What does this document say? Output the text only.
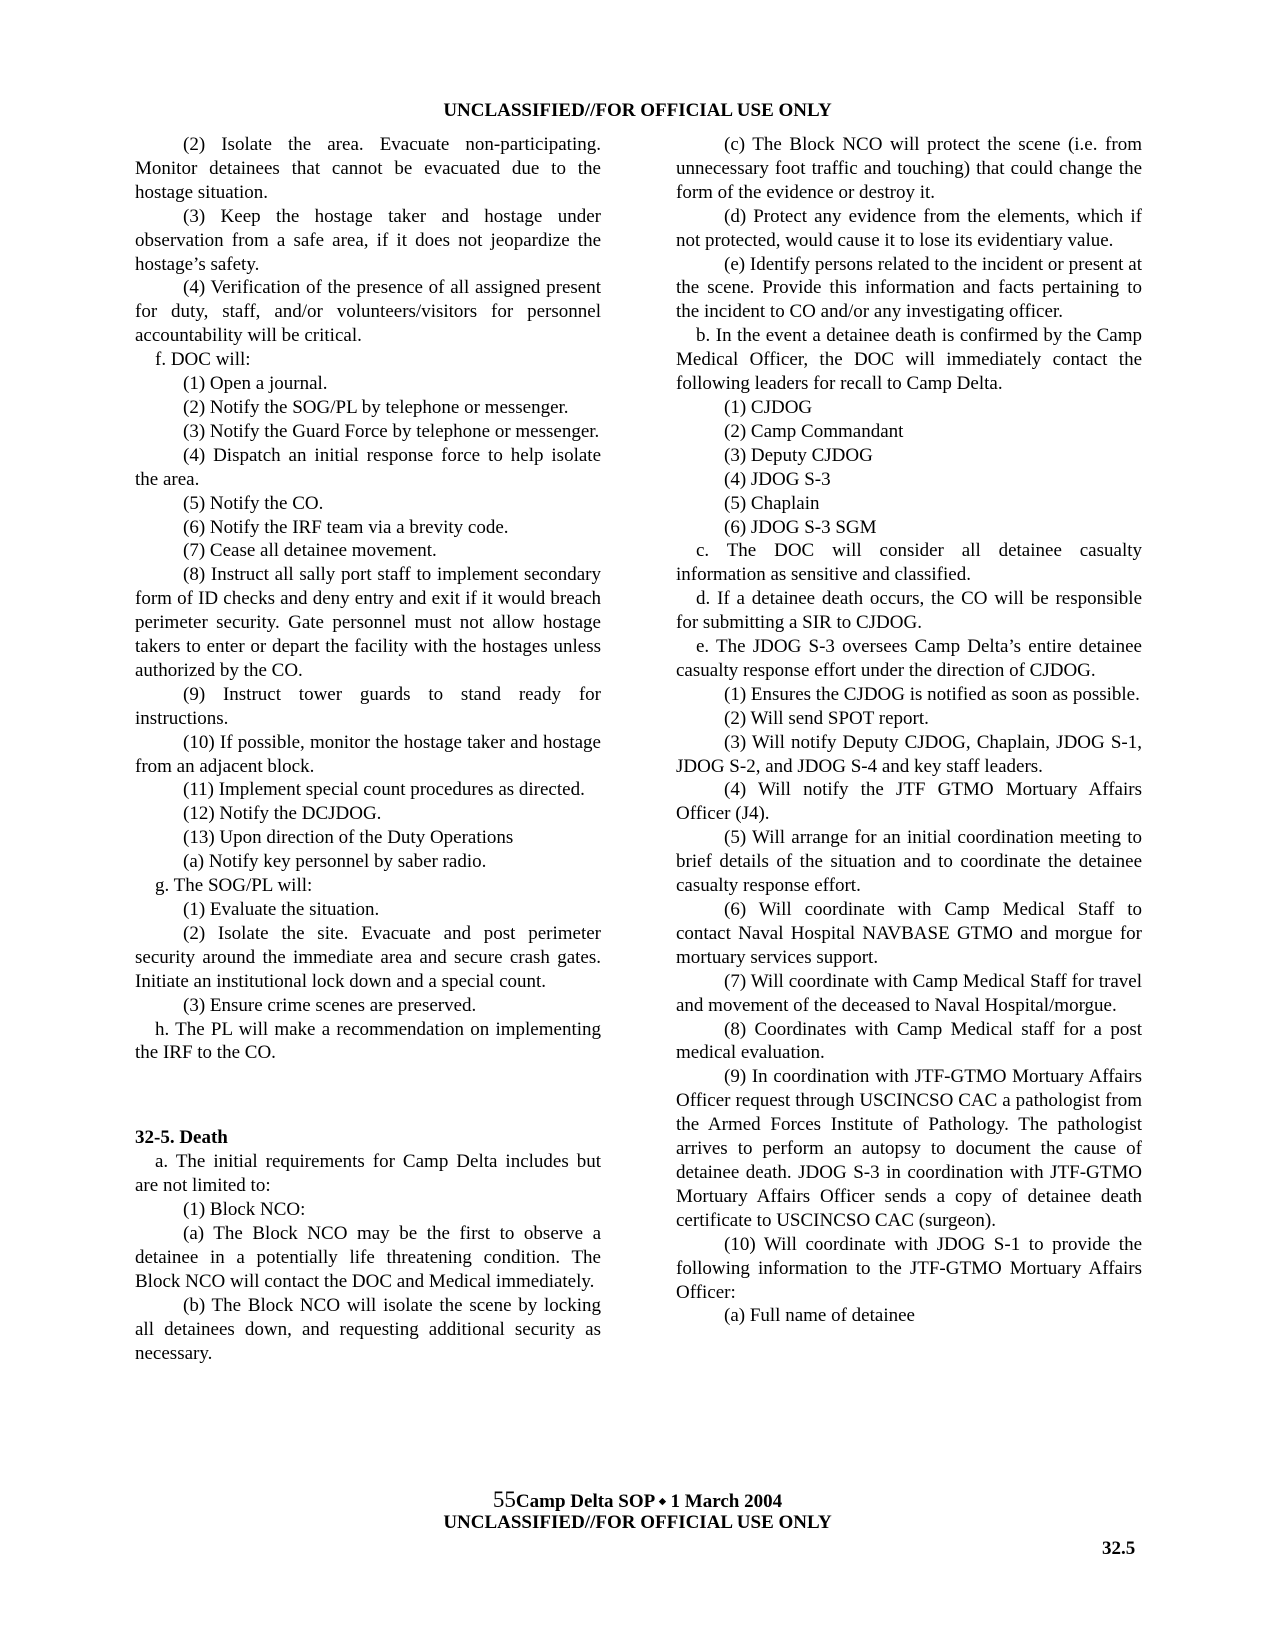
UNCLASSIFIED//FOR OFFICIAL USE ONLY

(2) Isolate the area. Evacuate non-participating. Monitor detainees that cannot be evacuated due to the hostage situation.

(3) Keep the hostage taker and hostage under observation from a safe area, if it does not jeopardize the hostage’s safety.

(4) Verification of the presence of all assigned present for duty, staff, and/or volunteers/visitors for personnel accountability will be critical.

f. DOC will:

(1) Open a journal.

(2) Notify the SOG/PL by telephone or messenger.

(3) Notify the Guard Force by telephone or messenger.

(4) Dispatch an initial response force to help isolate the area.

(5) Notify the CO.

(6) Notify the IRF team via a brevity code.

(7) Cease all detainee movement.

(8) Instruct all sally port staff to implement secondary form of ID checks and deny entry and exit if it would breach perimeter security. Gate personnel must not allow hostage takers to enter or depart the facility with the hostages unless authorized by the CO.

(9) Instruct tower guards to stand ready for instructions.

(10) If possible, monitor the hostage taker and hostage from an adjacent block.

(11) Implement special count procedures as directed.

(12) Notify the DCJDOG.

(13) Upon direction of the Duty Operations

(a) Notify key personnel by saber radio.

g. The SOG/PL will:

(1) Evaluate the situation.

(2) Isolate the site. Evacuate and post perimeter security around the immediate area and secure crash gates. Initiate an institutional lock down and a special count.

(3) Ensure crime scenes are preserved.

h. The PL will make a recommendation on implementing the IRF to the CO.

32-5. Death

a. The initial requirements for Camp Delta includes but are not limited to:

(1) Block NCO:

(a) The Block NCO may be the first to observe a detainee in a potentially life threatening condition. The Block NCO will contact the DOC and Medical immediately.

(b) The Block NCO will isolate the scene by locking all detainees down, and requesting additional security as necessary.

(c) The Block NCO will protect the scene (i.e. from unnecessary foot traffic and touching) that could change the form of the evidence or destroy it.

(d) Protect any evidence from the elements, which if not protected, would cause it to lose its evidentiary value.

(e) Identify persons related to the incident or present at the scene. Provide this information and facts pertaining to the incident to CO and/or any investigating officer.

b. In the event a detainee death is confirmed by the Camp Medical Officer, the DOC will immediately contact the following leaders for recall to Camp Delta.

(1) CJDOG

(2) Camp Commandant

(3) Deputy CJDOG

(4) JDOG S-3

(5) Chaplain

(6) JDOG S-3 SGM

c. The DOC will consider all detainee casualty information as sensitive and classified.

d. If a detainee death occurs, the CO will be responsible for submitting a SIR to CJDOG.

e. The JDOG S-3 oversees Camp Delta’s entire detainee casualty response effort under the direction of CJDOG.

(1) Ensures the CJDOG is notified as soon as possible.

(2) Will send SPOT report.

(3) Will notify Deputy CJDOG, Chaplain, JDOG S-1, JDOG S-2, and JDOG S-4 and key staff leaders.

(4) Will notify the JTF GTMO Mortuary Affairs Officer (J4).

(5) Will arrange for an initial coordination meeting to brief details of the situation and to coordinate the detainee casualty response effort.

(6) Will coordinate with Camp Medical Staff to contact Naval Hospital NAVBASE GTMO and morgue for mortuary services support.

(7) Will coordinate with Camp Medical Staff for travel and movement of the deceased to Naval Hospital/morgue.

(8) Coordinates with Camp Medical staff for a post medical evaluation.

(9) In coordination with JTF-GTMO Mortuary Affairs Officer request through USCINCSO CAC a pathologist from the Armed Forces Institute of Pathology. The pathologist arrives to perform an autopsy to document the cause of detainee death. JDOG S-3 in coordination with JTF-GTMO Mortuary Affairs Officer sends a copy of detainee death certificate to USCINCSO CAC (surgeon).

(10) Will coordinate with JDOG S-1 to provide the following information to the JTF-GTMO Mortuary Affairs Officer:

(a) Full name of detainee

55Camp Delta SOP ⬩ 1 March 2004
UNCLASSIFIED//FOR OFFICIAL USE ONLY
32.5
